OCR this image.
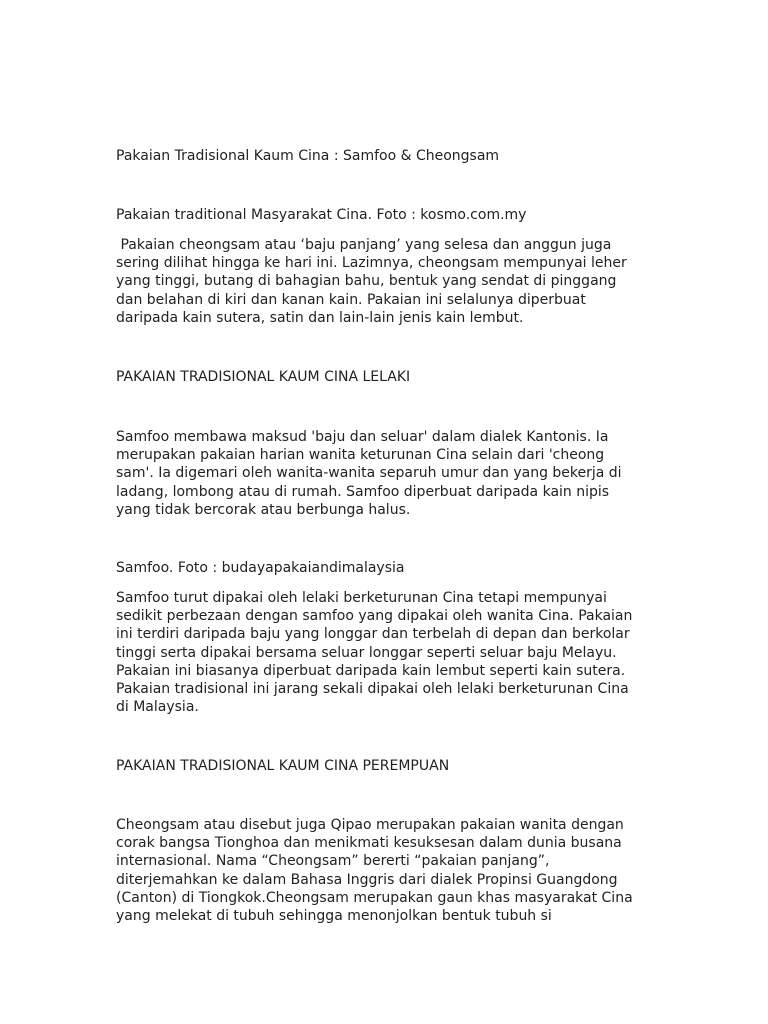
Pakaian Tradisional Kaum Cina : Samfoo & Cheongsam

Pakaian traditional Masyarakat Cina. Foto : kosmo.com.my

Pakaian cheongsam atau ‘baju panjang’ yang selesa dan anggun juga
sering dilihat hingga ke hari ini. Lazimnya, cheongsam mempunyai leher
yang tinggi, butang di bahagian bahu, bentuk yang sendat di pinggang
dan belahan di kiri dan kanan kain. Pakaian ini selalunya diperbuat
daripada kain sutera, satin dan lain-lain jenis kain lembut.

PAKAIAN TRADISIONAL KAUM CINA LELAKI

Samfoo membawa maksud 'baju dan seluar' dalam dialek Kantonis. Ia
merupakan pakaian harian wanita keturunan Cina selain dari 'cheong
sam'. Ia digemari oleh wanita-wanita separuh umur dan yang bekerja di
ladang, lombong atau di rumah. Samfoo diperbuat daripada kain nipis
yang tidak bercorak atau berbunga halus.

Samfoo. Foto : budayapakaiandimalaysia

Samfoo turut dipakai oleh lelaki berketurunan Cina tetapi mempunyai
sedikit perbezaan dengan samfoo yang dipakai oleh wanita Cina. Pakaian
ini terdiri daripada baju yang longgar dan terbelah di depan dan berkolar
tinggi serta dipakai bersama seluar longgar seperti seluar baju Melayu.
Pakaian ini biasanya diperbuat daripada kain lembut seperti kain sutera.
Pakaian tradisional ini jarang sekali dipakai oleh lelaki berketurunan Cina
di Malaysia.

PAKAIAN TRADISIONAL KAUM CINA PEREMPUAN

Cheongsam atau disebut juga Qipao merupakan pakaian wanita dengan
corak bangsa Tionghoa dan menikmati kesuksesan dalam dunia busana
internasional. Nama “Cheongsam” bererti “pakaian panjang”,
diterjemahkan ke dalam Bahasa Inggris dari dialek Propinsi Guangdong
(Canton) di Tiongkok.Cheongsam merupakan gaun khas masyarakat Cina
yang melekat di tubuh sehingga menonjolkan bentuk tubuh si
